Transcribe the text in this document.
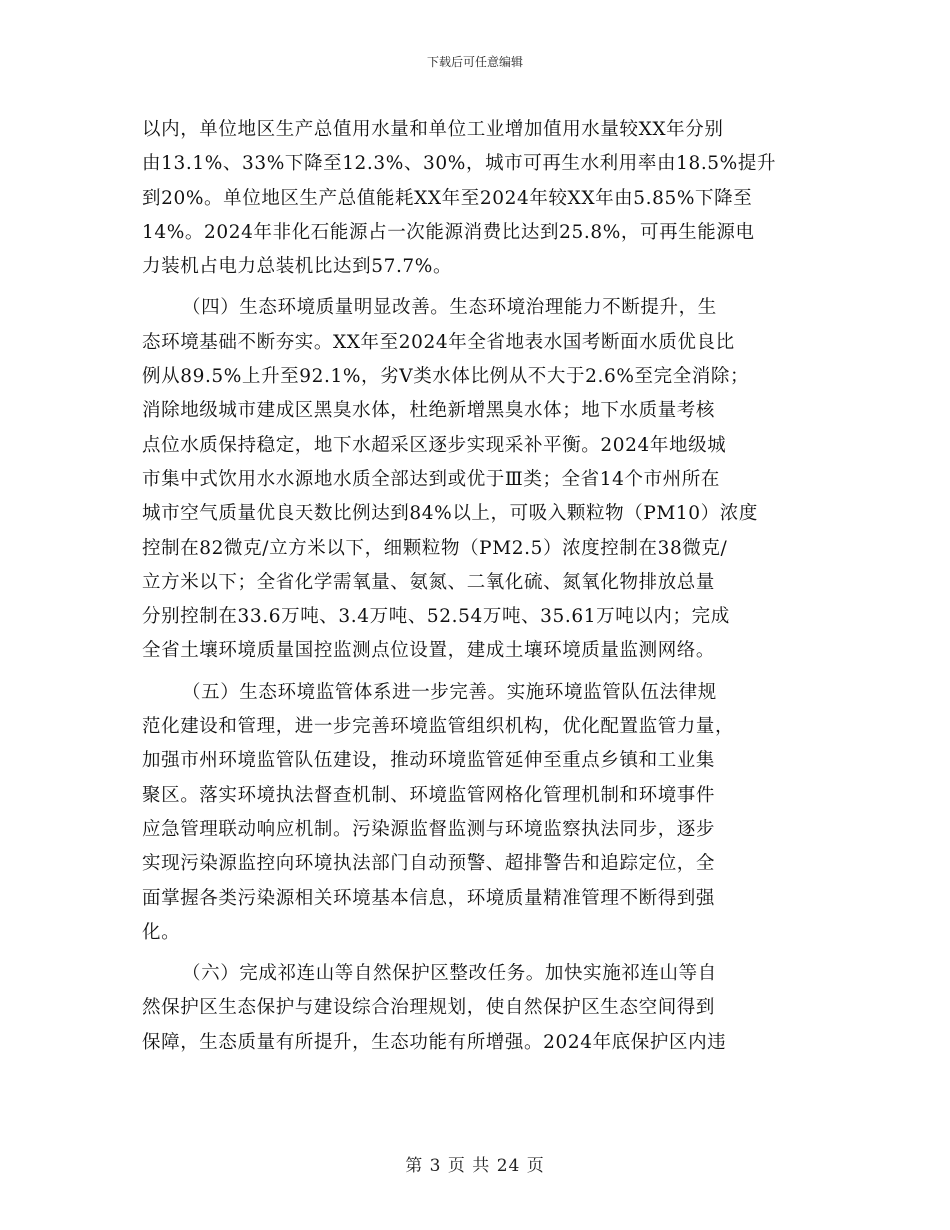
下载后可任意编辑
以内，单位地区生产总值用水量和单位工业增加值用水量较XX年分别
由13.1%、33%下降至12.3%、30%，城市可再生水利用率由18.5%提升
到20%。单位地区生产总值能耗XX年至2024年较XX年由5.85%下降至
14%。2024年非化石能源占一次能源消费比达到25.8%，可再生能源电
力装机占电力总装机比达到57.7%。
（四）生态环境质量明显改善。生态环境治理能力不断提升，生
态环境基础不断夯实。XX年至2024年全省地表水国考断面水质优良比
例从89.5%上升至92.1%，劣Ⅴ类水体比例从不大于2.6%至完全消除；
消除地级城市建成区黑臭水体，杜绝新增黑臭水体；地下水质量考核
点位水质保持稳定，地下水超采区逐步实现采补平衡。2024年地级城
市集中式饮用水水源地水质全部达到或优于Ⅲ类；全省14个市州所在
城市空气质量优良天数比例达到84%以上，可吸入颗粒物（PM10）浓度
控制在82微克/立方米以下，细颗粒物（PM2.5）浓度控制在38微克/
立方米以下；全省化学需氧量、氨氮、二氧化硫、氮氧化物排放总量
分别控制在33.6万吨、3.4万吨、52.54万吨、35.61万吨以内；完成
全省土壤环境质量国控监测点位设置，建成土壤环境质量监测网络。
（五）生态环境监管体系进一步完善。实施环境监管队伍法律规
范化建设和管理，进一步完善环境监管组织机构，优化配置监管力量，
加强市州环境监管队伍建设，推动环境监管延伸至重点乡镇和工业集
聚区。落实环境执法督查机制、环境监管网格化管理机制和环境事件
应急管理联动响应机制。污染源监督监测与环境监察执法同步，逐步
实现污染源监控向环境执法部门自动预警、超排警告和追踪定位，全
面掌握各类污染源相关环境基本信息，环境质量精准管理不断得到强
化。
（六）完成祁连山等自然保护区整改任务。加快实施祁连山等自
然保护区生态保护与建设综合治理规划，使自然保护区生态空间得到
保障，生态质量有所提升，生态功能有所增强。2024年底保护区内违
第 3 页 共 24 页
